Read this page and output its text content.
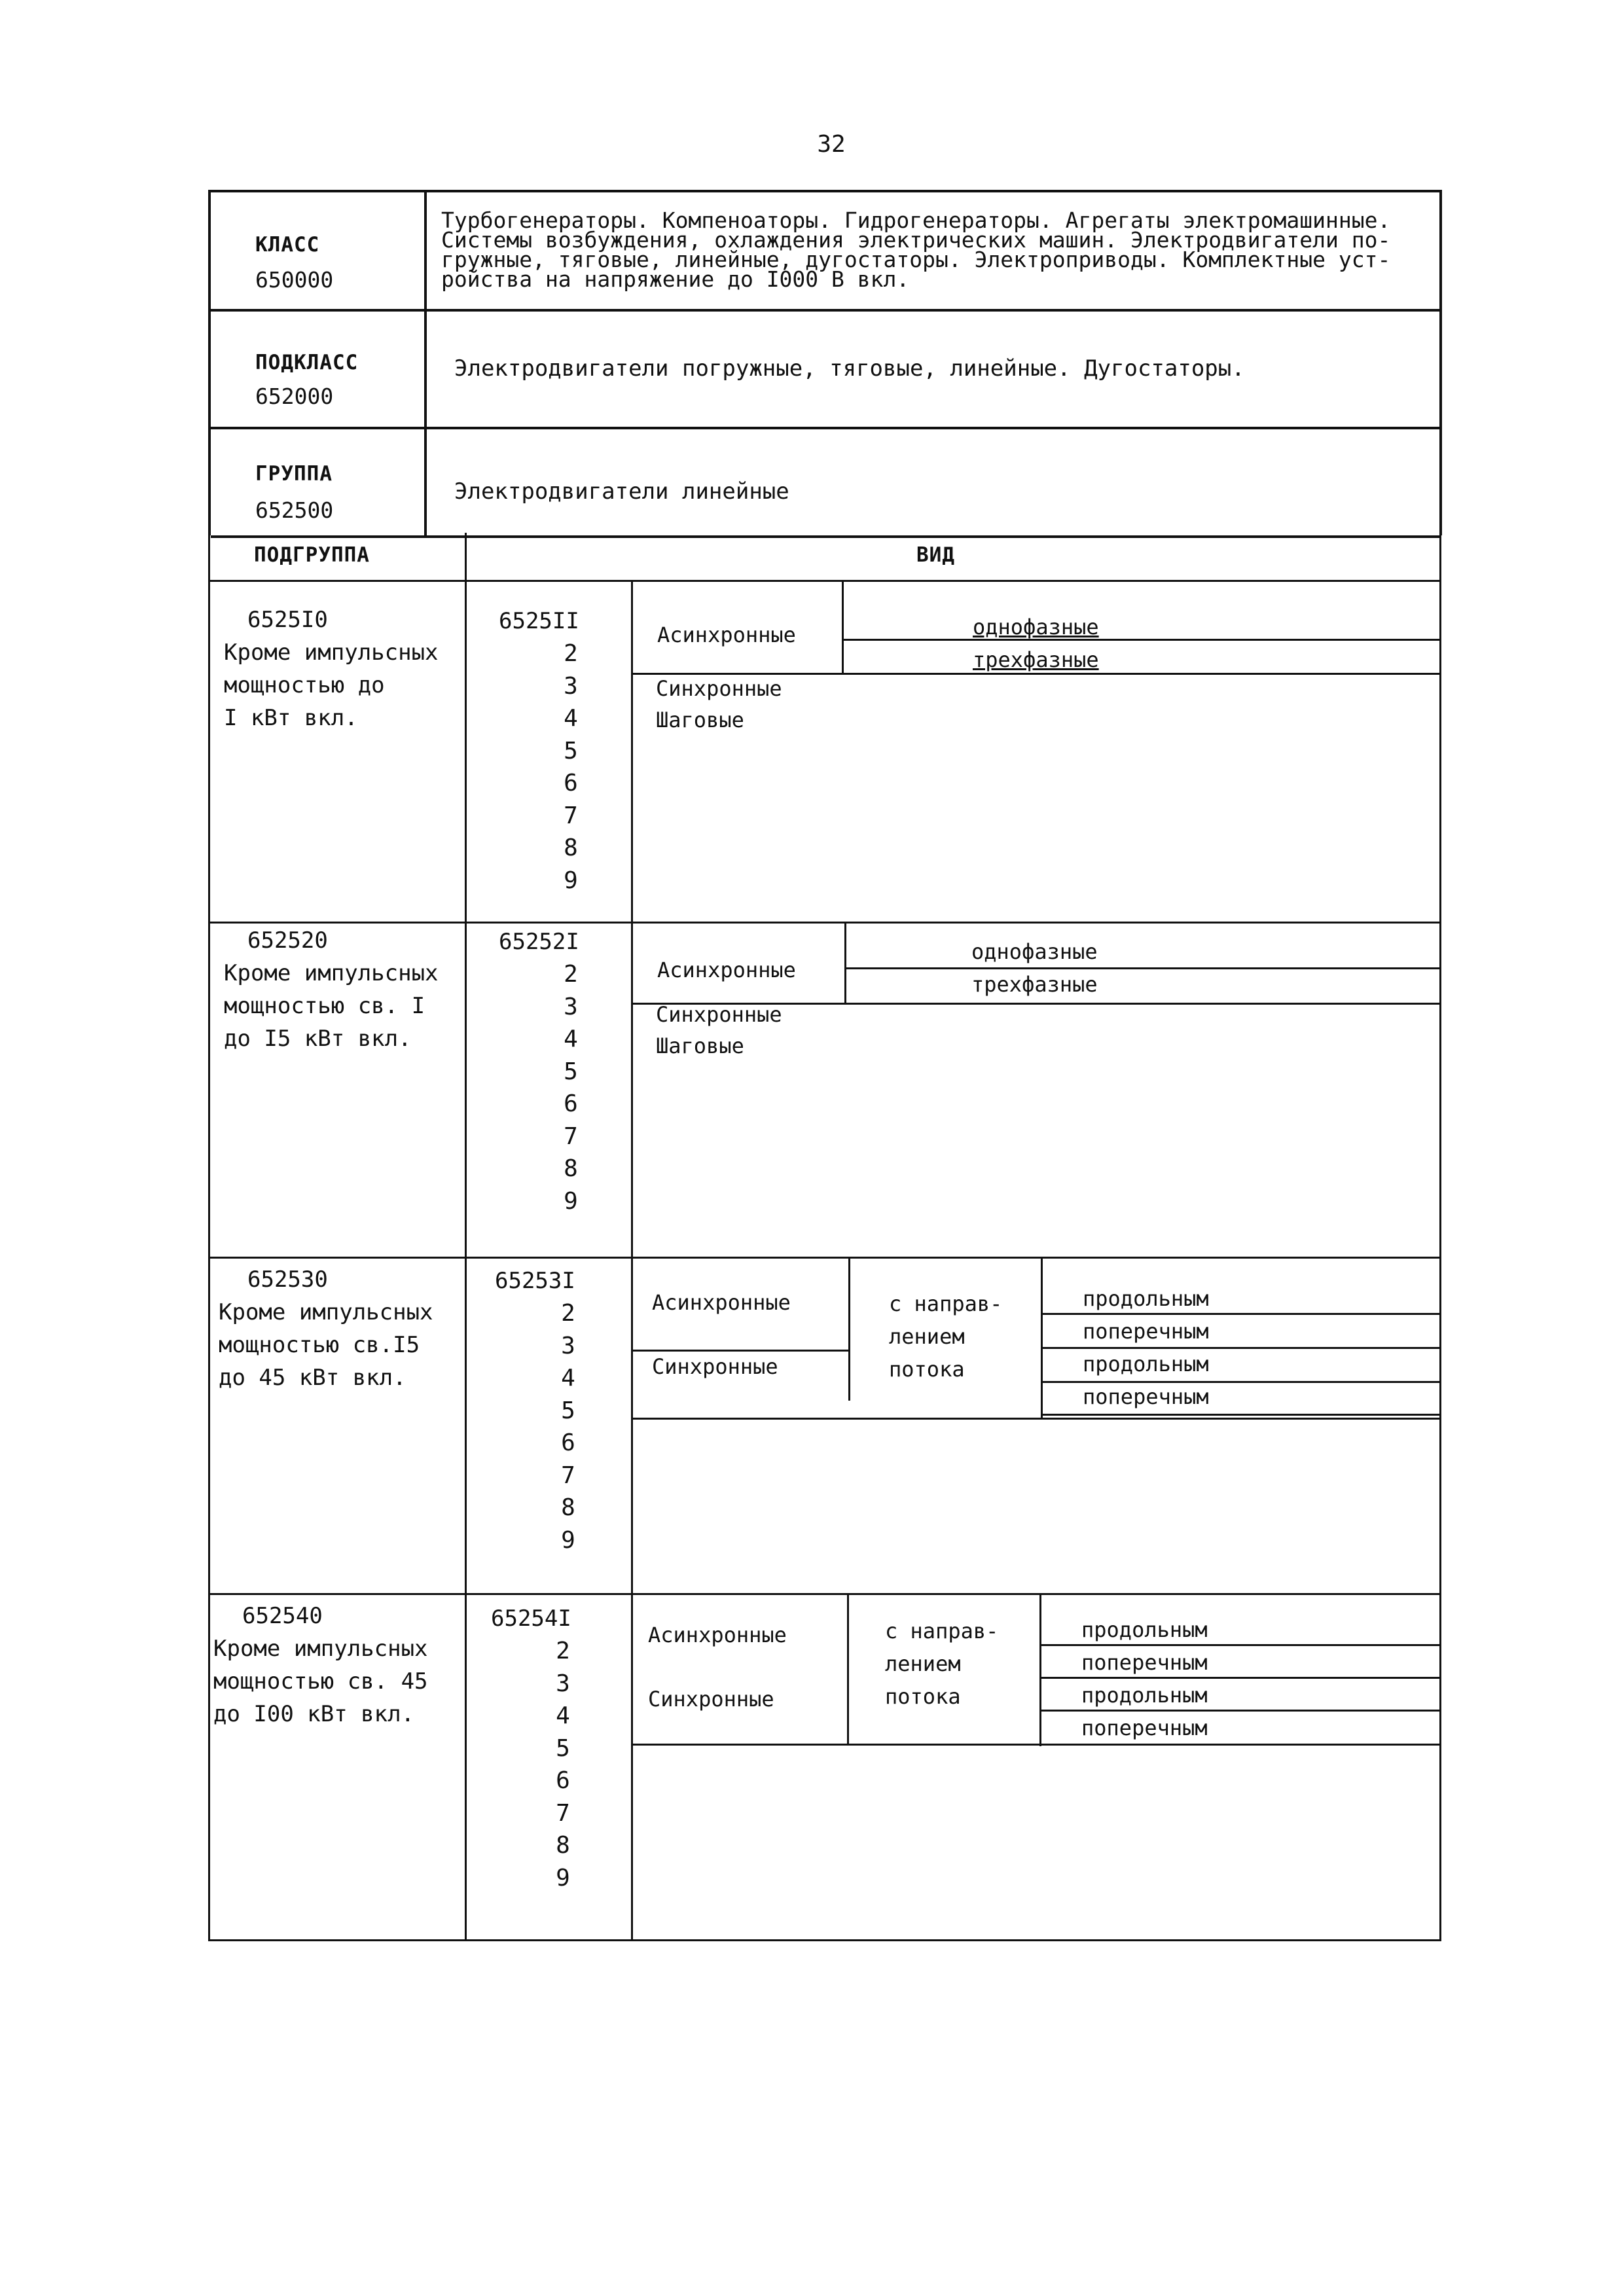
32
КЛАСС
650000
Турбогенераторы. Компеноаторы. Гидрогенераторы. Агрегаты электромашинные.
Системы возбуждения, охлаждения электрических машин. Электродвигатели по-
гружные, тяговые, линейные, дугостаторы. Электроприводы. Комплектные уст-
ройства на напряжение до I000 В вкл.
ПОДКЛАСС
652000
Электродвигатели погружные, тяговые, линейные. Дугостаторы.
ГРУППА
652500
Электродвигатели линейные
ПОДГРУППА	ВИД
6525I0
Кроме импульсных
мощностью до
I кВт вкл.
6525II
2
3
4
5
6
7
8
9
Асинхронные	однофазные
трехфазные
Синхронные
Шаговые
652520
Кроме импульсных
мощностью св. I
до I5 кВт вкл.
65252I
2
3
4
5
6
7
8
9
Асинхронные
однофазные
трехфазные
Синхронные
Шаговые
652530
Кроме импульсных
мощностью св.I5
до 45 кВт вкл.
65253I
2
3
4
5
6
7
8
9
Асинхронные
Синхронные
с направ-
лением
потока
продольным
поперечным
продольным
поперечным
652540
Кроме импульсных
мощностью св. 45
до I00 кВт вкл.
65254I
2
3
4
5
6
7
8
9
Асинхронные
Синхронные
с направ-
лением
потока
продольным
поперечным
продольным
поперечным
